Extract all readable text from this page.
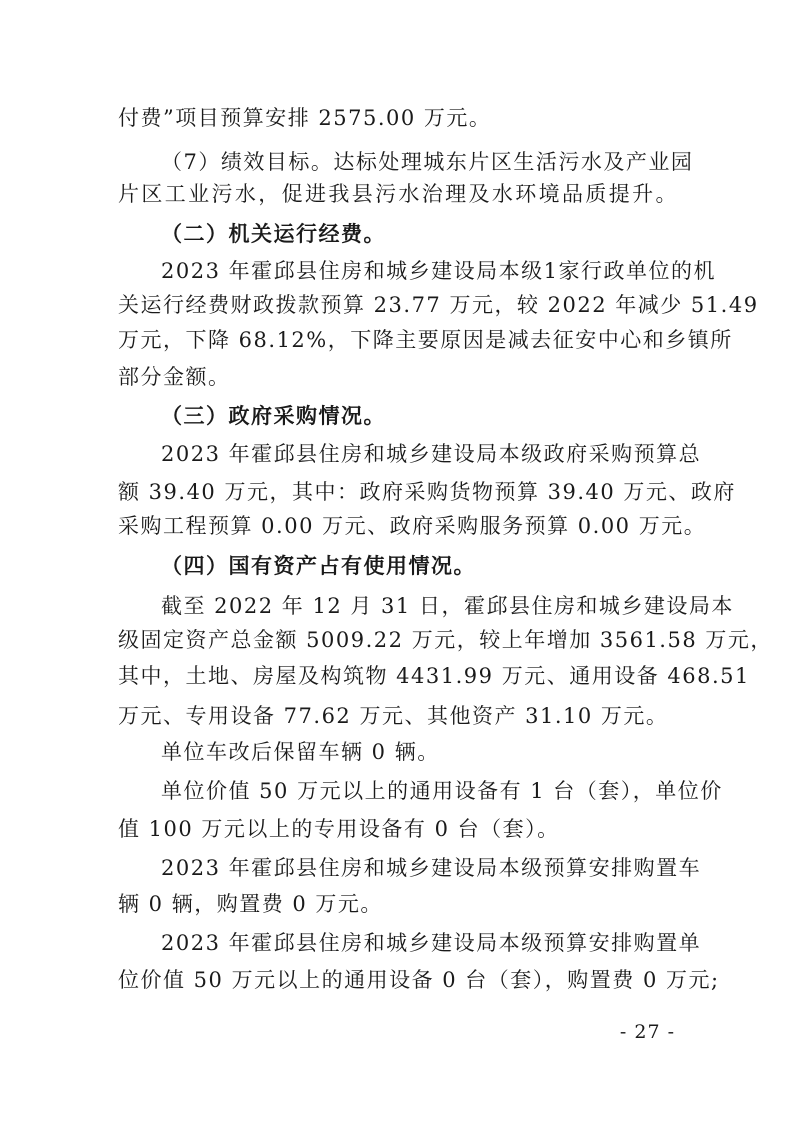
付费”项目预算安排 2575.00 万元。
（7）绩效目标。达标处理城东片区生活污水及产业园
片区工业污水，促进我县污水治理及水环境品质提升。
（二）机关运行经费。
2023 年霍邱县住房和城乡建设局本级1家行政单位的机
关运行经费财政拨款预算 23.77 万元，较 2022 年减少 51.49
万元，下降 68.12%，下降主要原因是减去征安中心和乡镇所
部分金额。
（三）政府采购情况。
2023 年霍邱县住房和城乡建设局本级政府采购预算总
额 39.40 万元，其中：政府采购货物预算 39.40 万元、政府
采购工程预算 0.00 万元、政府采购服务预算 0.00 万元。
（四）国有资产占有使用情况。
截至 2022 年 12 月 31 日，霍邱县住房和城乡建设局本
级固定资产总金额 5009.22 万元，较上年增加 3561.58 万元，
其中，土地、房屋及构筑物 4431.99 万元、通用设备 468.51
万元、专用设备 77.62 万元、其他资产 31.10 万元。
单位车改后保留车辆 0 辆。
单位价值 50 万元以上的通用设备有 1 台（套），单位价
值 100 万元以上的专用设备有 0 台（套）。
2023 年霍邱县住房和城乡建设局本级预算安排购置车
辆 0 辆，购置费 0 万元。
2023 年霍邱县住房和城乡建设局本级预算安排购置单
位价值 50 万元以上的通用设备 0 台（套），购置费 0 万元;
- 27 -
